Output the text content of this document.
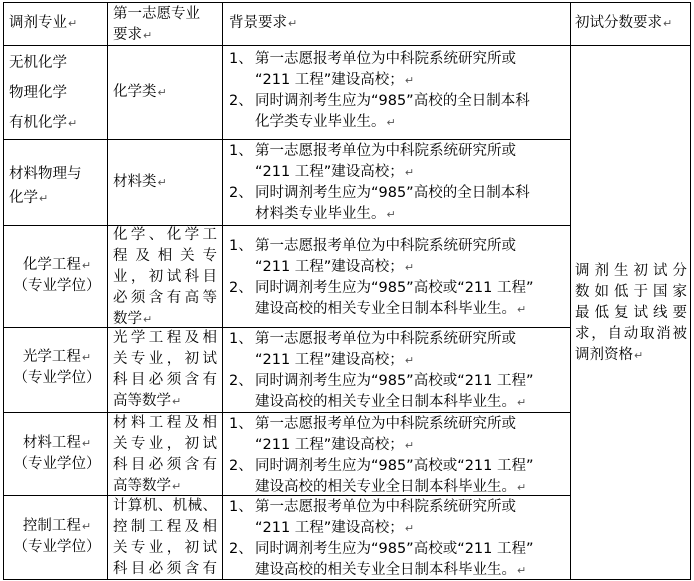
调剂专业↵
第一志愿专业
要求↵
背景要求↵	初试分数要求↵
无机化学
物理化学
有机化学↵
化学类↵
1、 第一志愿报考单位为中科院系统研究所或
“211 工程”建设高校；↵
2、 同时调剂考生应为“985”高校的全日制本科
化学类专业毕业生。↵
材料物理与
化学↵
材料类↵
1、 第一志愿报考单位为中科院系统研究所或
“211 工程”建设高校；↵
2、 同时调剂考生应为“985”高校的全日制本科
材料类专业毕业生。↵
化学工程↵
（专业学位）
化学、化学工
程及相关专
业，初试科目
必须含有高等
数学↵
1、 第一志愿报考单位为中科院系统研究所或
“211 工程”建设高校；↵
2、 同时调剂考生应为“985”高校或“211 工程”
建设高校的相关专业全日制本科毕业生。↵
光学工程↵
（专业学位）
光学工程及相
关专业，初试
科目必须含有
高等数学↵
1、 第一志愿报考单位为中科院系统研究所或
“211 工程”建设高校；↵
2、 同时调剂考生应为“985”高校或“211 工程”
建设高校的相关专业全日制本科毕业生。↵
材料工程↵
（专业学位）
材料工程及相
关专业，初试
科目必须含有
高等数学↵
1、 第一志愿报考单位为中科院系统研究所或
“211 工程”建设高校；↵
2、 同时调剂考生应为“985”高校或“211 工程”
建设高校的相关专业全日制本科毕业生。↵
控制工程↵
（专业学位）
计算机、机械、
控制工程及相
关专业，初试
科目必须含有
1、 第一志愿报考单位为中科院系统研究所或
“211 工程”建设高校；↵
2、 同时调剂考生应为“985”高校或“211 工程”
建设高校的相关专业全日制本科毕业生。↵
调剂生初试分
数如低于国家
最低复试线要
求，自动取消被
调剂资格↵
